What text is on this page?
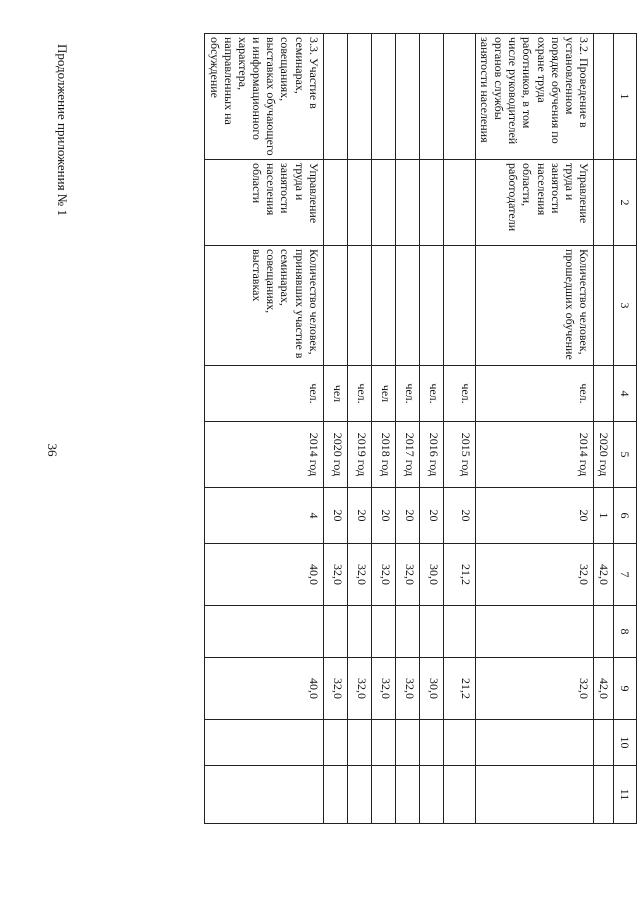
36
Продолжение приложения № 1	1	2	3	4	5	6	7	8	9	10	11
				2020 год	1	42,0		42,0		
3.2. Проведение в установленном порядке обучения по охране труда работников, в том числе руководителей органов службы занятости населения	Управление труда и занятости населения области, работодатели	Количество человек, прошедших обучение	чел.	2014 год	20	32,0		32,0		
			чел.	2015 год	20	21,2		21,2		
			чел.	2016 год	20	30,0		30,0		
			чел.	2017 год	20	32,0		32,0		
			чел	2018 год	20	32,0		32,0		
			чел.	2019 год	20	32,0		32,0		
			чел	2020 год	20	32,0		32,0		
3.3. Участие в семинарах, совещаниях, выставках обучающего и информационного характера, направленных на обсуждение	Управление труда и занятости населения области	Количество человек, принявших участие в семинарах, совещаниях, выставках	чел.	2014 год	4	40,0		40,0		
